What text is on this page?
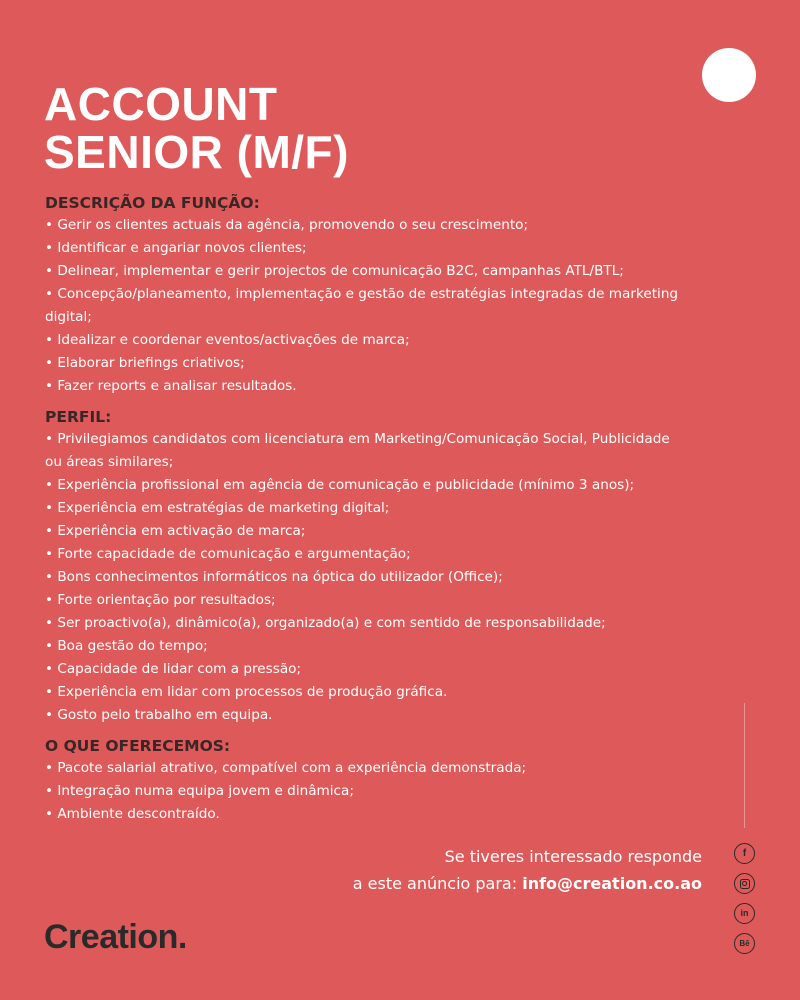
ACCOUNT
SENIOR (M/F)
DESCRIÇÃO DA FUNÇÃO:
• Gerir os clientes actuais da agência, promovendo o seu crescimento;
• Identificar e angariar novos clientes;
• Delinear, implementar e gerir projectos de comunicação B2C, campanhas ATL/BTL;
• Concepção/planeamento, implementação e gestão de estratégias integradas de marketing digital;
• Idealizar e coordenar eventos/activações de marca;
• Elaborar briefings criativos;
• Fazer reports e analisar resultados.
PERFIL:
• Privilegiamos candidatos com licenciatura em Marketing/Comunicação Social, Publicidade ou áreas similares;
• Experiência profissional em agência de comunicação e publicidade (mínimo 3 anos);
• Experiência em estratégias de marketing digital;
• Experiência em activação de marca;
• Forte capacidade de comunicação e argumentação;
• Bons conhecimentos informáticos na óptica do utilizador (Office);
• Forte orientação por resultados;
• Ser proactivo(a), dinâmico(a), organizado(a) e com sentido de responsabilidade;
• Boa gestão do tempo;
• Capacidade de lidar com a pressão;
• Experiência em lidar com processos de produção gráfica.
• Gosto pelo trabalho em equipa.
O QUE OFERECEMOS:
• Pacote salarial atrativo, compatível com a experiência demonstrada;
• Integração numa equipa jovem e dinâmica;
• Ambiente descontraído.
Se tiveres interessado responde
a este anúncio para: info@creation.co.ao
Creation.
f
in
Bē
